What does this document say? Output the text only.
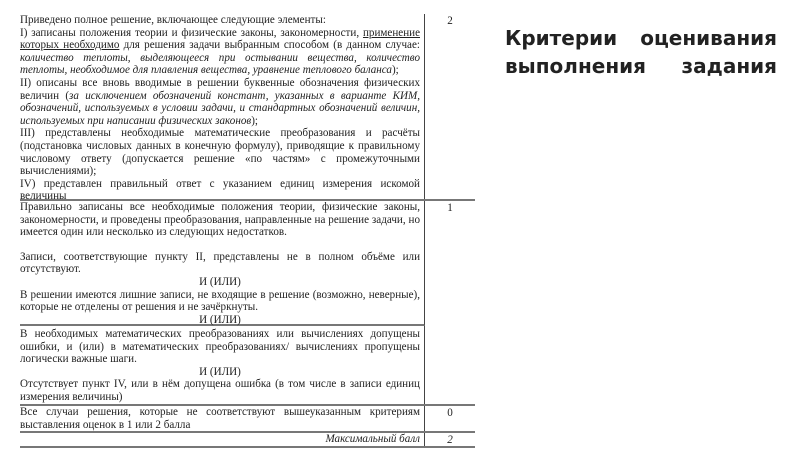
Критерии оценивания выполнения задания

Приведено полное решение, включающее следующие элементы:

I) записаны положения теории и физические законы, закономерности, применение которых необходимо для решения задачи выбранным способом (в данном случае: количество теплоты, выделяющееся при остывании вещества, количество теплоты, необходимое для плавления вещества, уравнение теплового баланса);

II) описаны все вновь вводимые в решении буквенные обозначения физических величин (за исключением обозначений констант, указанных в варианте КИМ, обозначений, используемых в условии задачи, и стандартных обозначений величин, используемых при написании физических законов);

III) представлены необходимые математические преобразования и расчёты (подстановка числовых данных в конечную формулу), приводящие к правильному числовому ответу (допускается решение «по частям» с промежуточными вычислениями);

IV) представлен правильный ответ с указанием единиц измерения искомой величины

2

Правильно записаны все необходимые положения теории, физические законы, закономерности, и проведены преобразования, направленные на решение задачи, но имеется один или несколько из следующих недостатков.

Записи, соответствующие пункту II, представлены не в полном объёме или отсутствуют.

И (ИЛИ)

В решении имеются лишние записи, не входящие в решение (возможно, неверные), которые не отделены от решения и не зачёркнуты.

И (ИЛИ)

1

В необходимых математических преобразованиях или вычислениях допущены ошибки, и (или) в математических преобразованиях/ вычислениях пропущены логически важные шаги.

И (ИЛИ)

Отсутствует пункт IV, или в нём допущена ошибка (в том числе в записи единиц измерения величины)

Все случаи решения, которые не соответствуют вышеуказанным критериям выставления оценок в 1 или 2 балла
0
Максимальный балл	2
